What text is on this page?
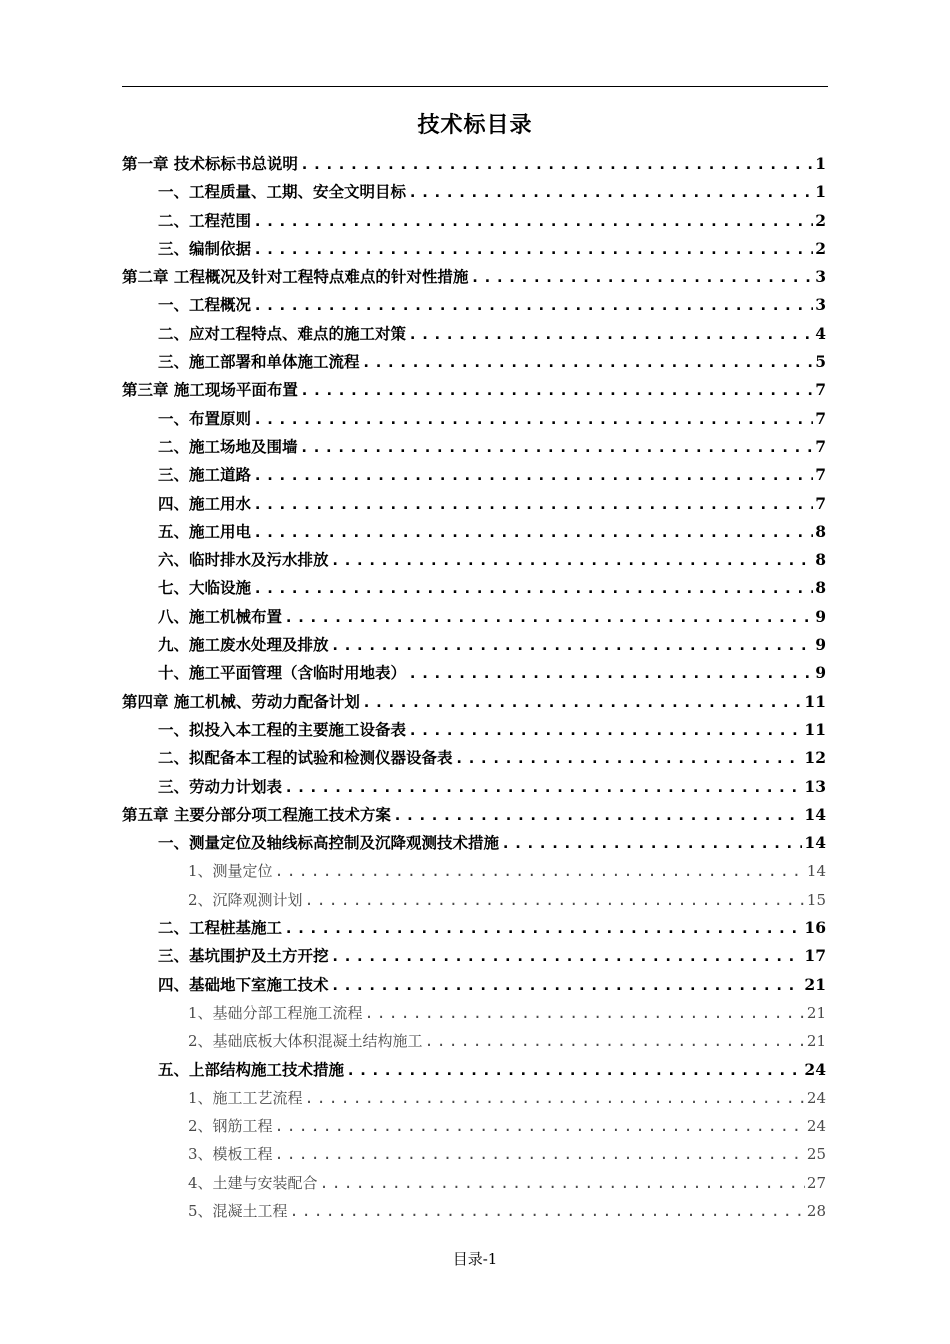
技术标目录
第一章 技术标标书总说明 .....	1
一、工程质量、工期、安全文明目标 .....	1
二、工程范围 .....	2
三、编制依据 .....	2
第二章 工程概况及针对工程特点难点的针对性措施 .....	3
一、工程概况 .....	3
二、应对工程特点、难点的施工对策 .....	4
三、施工部署和单体施工流程 .....	5
第三章 施工现场平面布置 .....	7
一、布置原则 .....	7
二、施工场地及围墙 .....	7
三、施工道路 .....	7
四、施工用水 .....	7
五、施工用电 .....	8
六、临时排水及污水排放 .....	8
七、大临设施 .....	8
八、施工机械布置 .....	9
九、施工废水处理及排放 .....	9
十、施工平面管理（含临时用地表） .....	9
第四章 施工机械、劳动力配备计划 .....	11
一、拟投入本工程的主要施工设备表 .....	11
二、拟配备本工程的试验和检测仪器设备表 .....	12
三、劳动力计划表 .....	13
第五章 主要分部分项工程施工技术方案 .....	14
一、测量定位及轴线标高控制及沉降观测技术措施 .....	14
1、测量定位 .....	14
2、沉降观测计划 .....	15
二、工程桩基施工 .....	16
三、基坑围护及土方开挖 .....	17
四、基础地下室施工技术 .....	21
1、基础分部工程施工流程 .....	21
2、基础底板大体积混凝土结构施工 .....	21
五、上部结构施工技术措施 .....	24
1、施工工艺流程 .....	24
2、钢筋工程 .....	24
3、模板工程 .....	25
4、土建与安装配合 .....	27
5、混凝土工程 .....	28
目录-1
